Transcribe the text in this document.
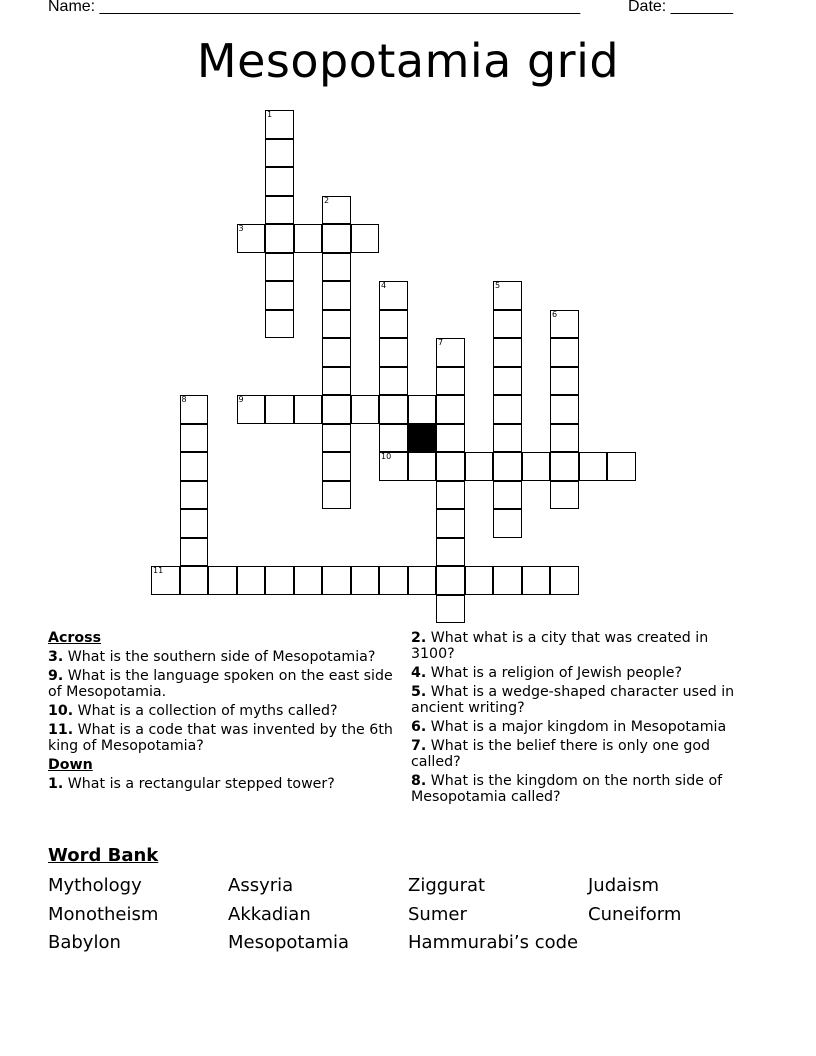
Name: ______________________________________________________	Date: _______
Mesopotamia grid
1
2
4	5
6
7
8
3
9
10
11
Across
3. What is the southern side of Mesopotamia?
9. What is the language spoken on the east side of Mesopotamia.
10. What is a collection of myths called?
11. What is a code that was invented by the 6th king of Mesopotamia?
Down
1. What is a rectangular stepped tower?
2. What what is a city that was created in 3100?
4. What is a religion of Jewish people?
5. What is a wedge-shaped character used in ancient writing?
6. What is a major kingdom in Mesopotamia
7. What is the belief there is only one god called?
8. What is the kingdom on the north side of Mesopotamia called?
Word Bank
Mythology	Assyria	Ziggurat	Judaism
Monotheism	Akkadian	Sumer	Cuneiform
Babylon	Mesopotamia	Hammurabi’s code
